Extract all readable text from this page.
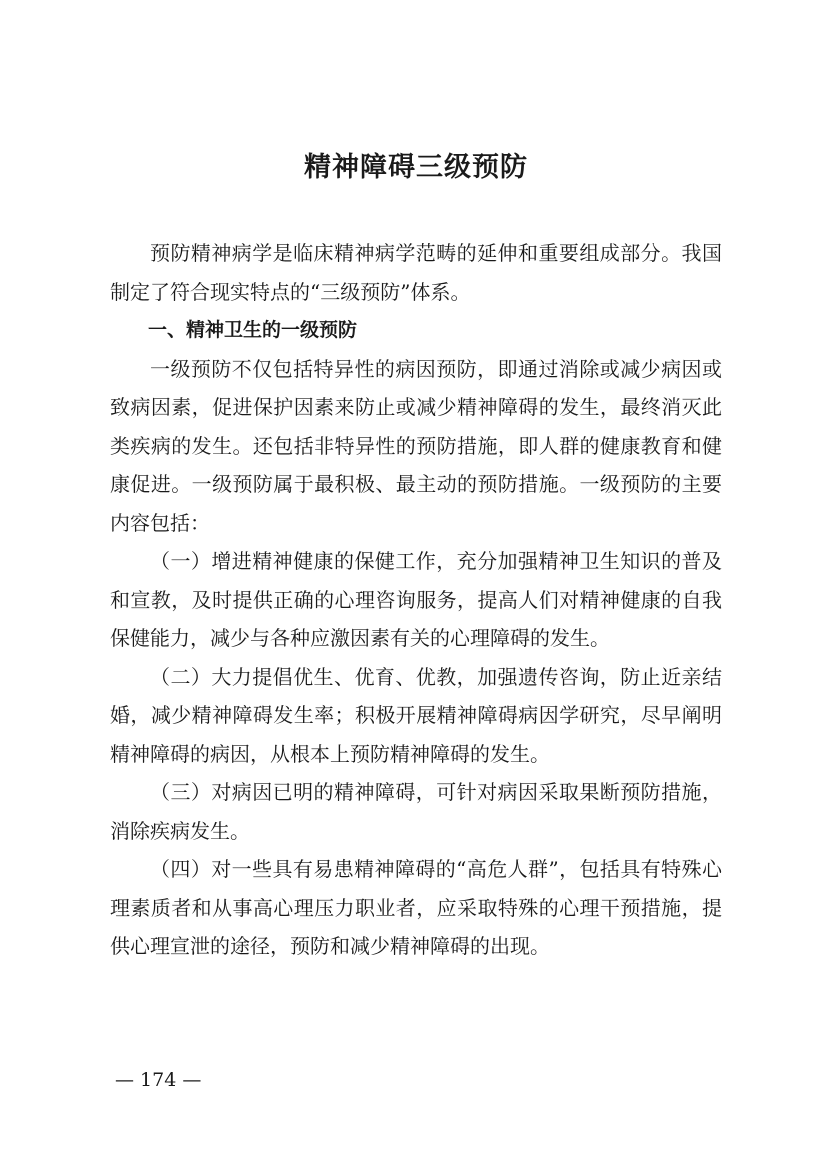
精神障碍三级预防

预防精神病学是临床精神病学范畴的延伸和重要组成部分。我国制定了符合现实特点的“三级预防”体系。

一、精神卫生的一级预防

一级预防不仅包括特异性的病因预防，即通过消除或减少病因或致病因素，促进保护因素来防止或减少精神障碍的发生，最终消灭此类疾病的发生。还包括非特异性的预防措施，即人群的健康教育和健康促进。一级预防属于最积极、最主动的预防措施。一级预防的主要内容包括：

（一）增进精神健康的保健工作，充分加强精神卫生知识的普及和宣教，及时提供正确的心理咨询服务，提高人们对精神健康的自我保健能力，减少与各种应激因素有关的心理障碍的发生。

（二）大力提倡优生、优育、优教，加强遗传咨询，防止近亲结婚，减少精神障碍发生率；积极开展精神障碍病因学研究，尽早阐明精神障碍的病因，从根本上预防精神障碍的发生。

（三）对病因已明的精神障碍，可针对病因采取果断预防措施，消除疾病发生。

（四）对一些具有易患精神障碍的“高危人群”，包括具有特殊心理素质者和从事高心理压力职业者，应采取特殊的心理干预措施，提供心理宣泄的途径，预防和减少精神障碍的出现。

— 174 —
